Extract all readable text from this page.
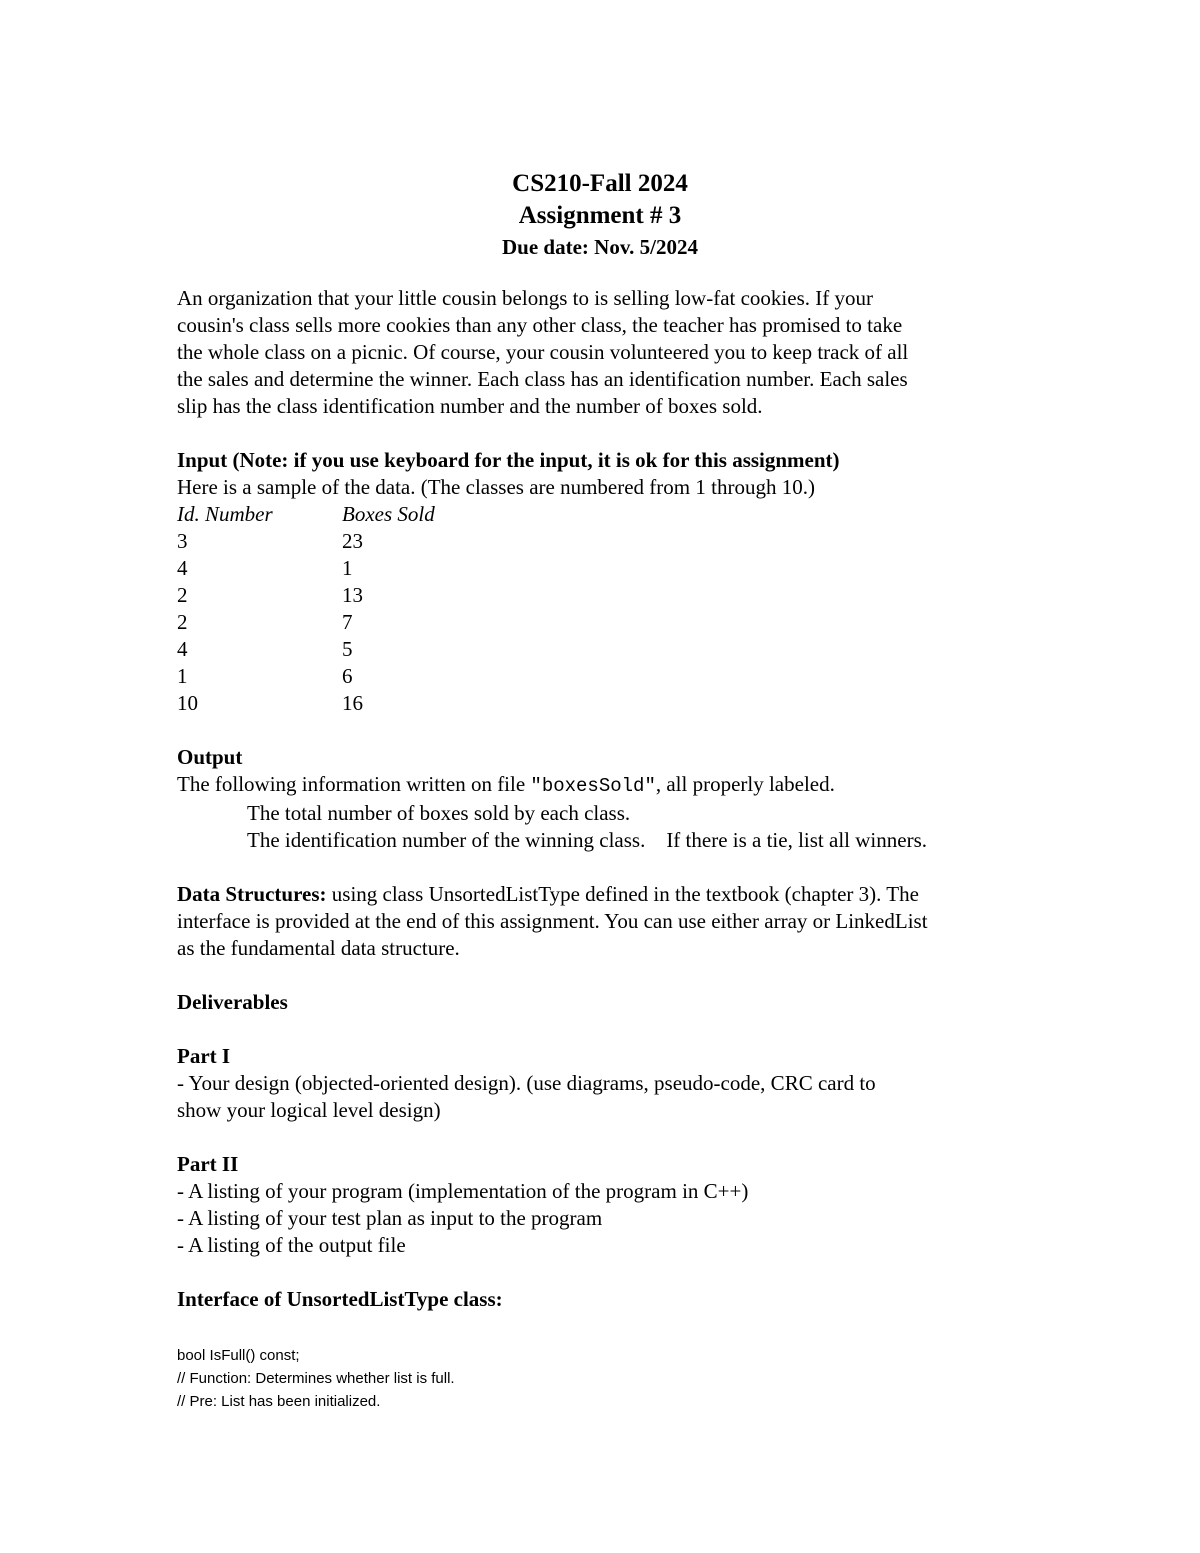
CS210-Fall 2024
Assignment # 3
Due date: Nov. 5/2024

An organization that your little cousin belongs to is selling low-fat cookies. If your

cousin's class sells more cookies than any other class, the teacher has promised to take

the whole class on a picnic. Of course, your cousin volunteered you to keep track of all

the sales and determine the winner. Each class has an identification number. Each sales

slip has the class identification number and the number of boxes sold.

Input (Note: if you use keyboard for the input, it is ok for this assignment)

Here is a sample of the data. (The classes are numbered from 1 through 10.)

Id. Number	Boxes Sold
3	23
4	1
2	13
2	7
4	5
1	6
10	16

Output

The following information written on file "boxesSold", all properly labeled.

The total number of boxes sold by each class.

The identification number of the winning class.    If there is a tie, list all winners.

Data Structures: using class UnsortedListType defined in the textbook (chapter 3). The

interface is provided at the end of this assignment. You can use either array or LinkedList

as the fundamental data structure.

Deliverables

Part I

- Your design (objected-oriented design). (use diagrams, pseudo-code, CRC card to

show your logical level design)

Part II

- A listing of your program (implementation of the program in C++)

- A listing of your test plan as input to the program

- A listing of the output file

Interface of UnsortedListType class:

bool IsFull() const;

// Function: Determines whether list is full.

// Pre: List has been initialized.
